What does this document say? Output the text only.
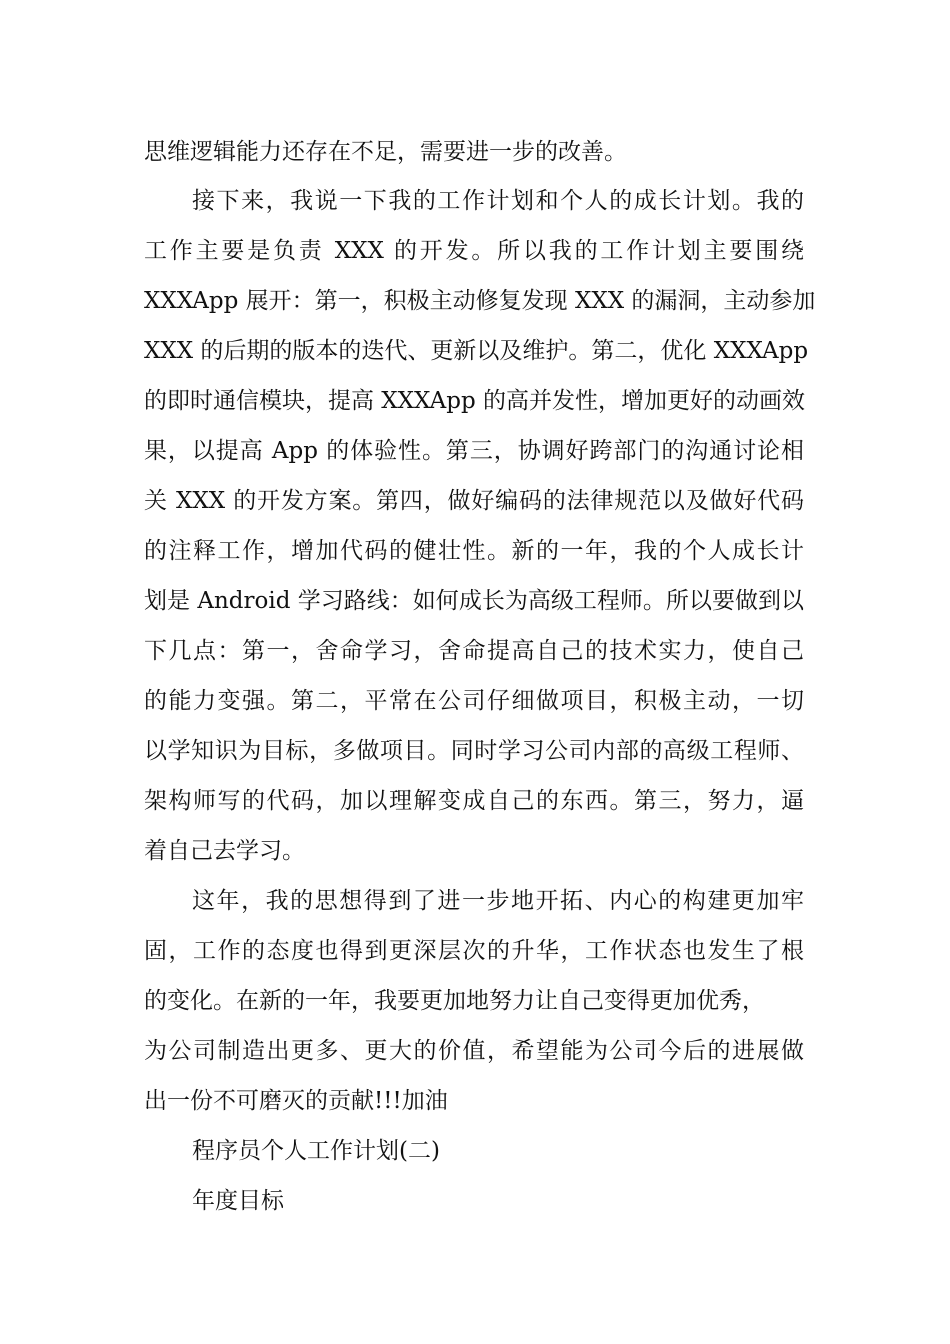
思维逻辑能力还存在不足，需要进一步的改善。
接下来，我说一下我的工作计划和个人的成长计划。我的
工作主要是负责 XXX 的开发。所以我的工作计划主要围绕
XXXApp 展开：第一，积极主动修复发现 XXX 的漏洞，主动参加
XXX 的后期的版本的迭代、更新以及维护。第二，优化 XXXApp
的即时通信模块，提高 XXXApp 的高并发性，增加更好的动画效
果，以提高 App 的体验性。第三，协调好跨部门的沟通讨论相
关 XXX 的开发方案。第四，做好编码的法律规范以及做好代码
的注释工作，增加代码的健壮性。新的一年，我的个人成长计
划是 Android 学习路线：如何成长为高级工程师。所以要做到以
下几点：第一，舍命学习，舍命提高自己的技术实力，使自己
的能力变强。第二，平常在公司仔细做项目，积极主动，一切
以学知识为目标，多做项目。同时学习公司内部的高级工程师、
架构师写的代码，加以理解变成自己的东西。第三，努力，逼
着自己去学习。
这年，我的思想得到了进一步地开拓、内心的构建更加牢
固，工作的态度也得到更深层次的升华，工作状态也发生了根
的变化。在新的一年，我要更加地努力让自己变得更加优秀，
为公司制造出更多、更大的价值，希望能为公司今后的进展做
出一份不可磨灭的贡献!!!加油
程序员个人工作计划(二)
年度目标
